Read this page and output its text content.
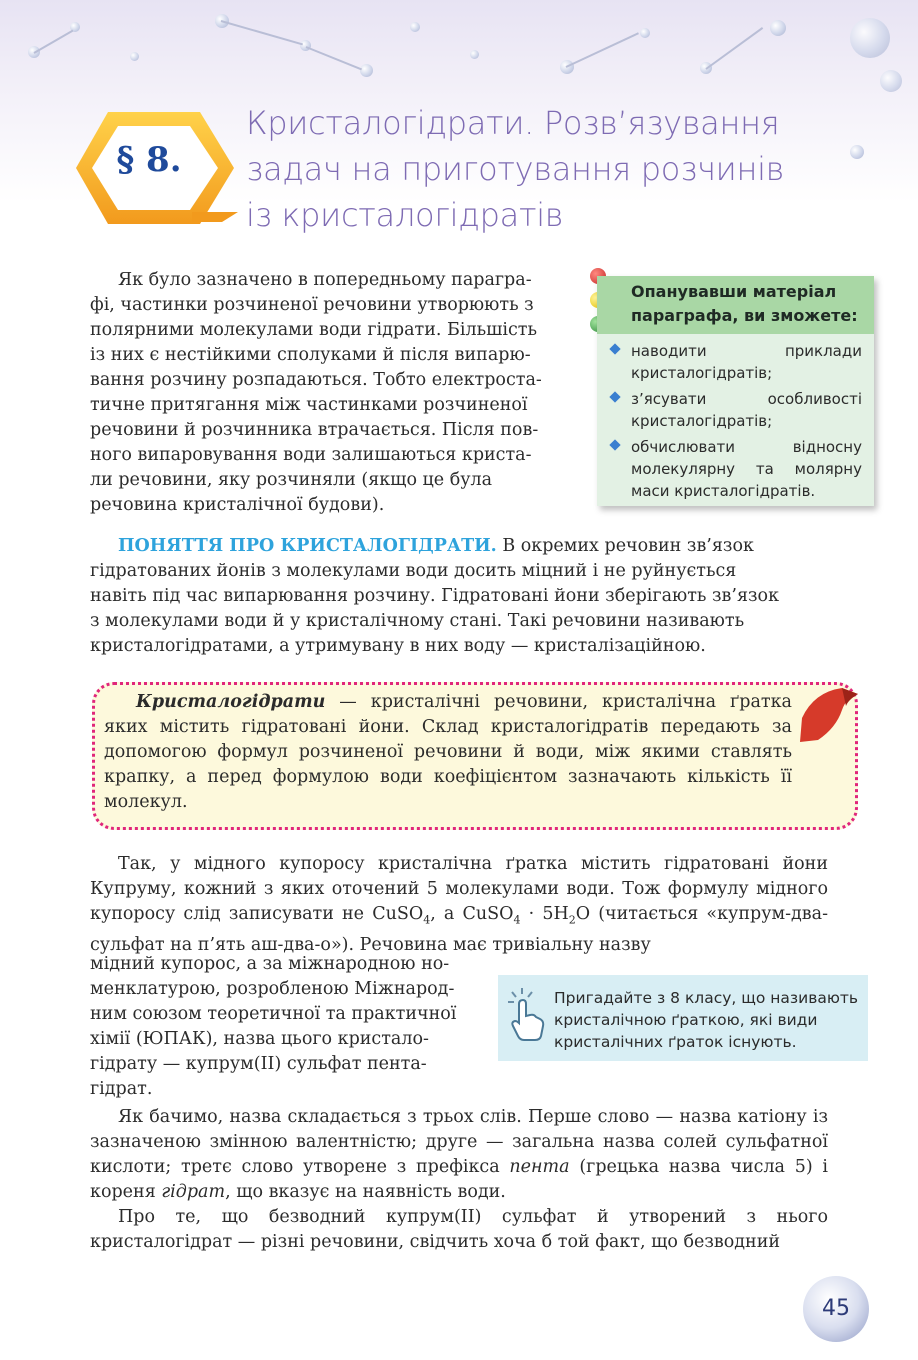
§ 8.
Кристалогідрати. Розв’язування
задач на приготування розчинів
із кристалогідратів
Як було зазначено в попередньому парагра-
фі, частинки розчиненої речовини утворюють з
полярними молекулами води гідрати. Більшість
із них є нестійкими сполуками й після випарю-
вання розчину розпадаються. Тобто електроста-
тичне притягання між частинками розчиненої
речовини й розчинника втрачається. Після пов-
ного випаровування води залишаються криста-
ли речовини, яку розчиняли (якщо це була
речовина кристалічної будови).
Опанувавши матеріал параграфа, ви зможете:
наводити приклади кристалогідратів;
з’ясувати особливості кристалогідратів;
обчислювати відносну молекулярну та молярну маси кристалогідратів.
ПОНЯТТЯ ПРО КРИСТАЛОГІДРАТИ. В окремих речовин зв’язок
гідратованих йонів з молекулами води досить міцний і не руйнується
навіть під час випарювання розчину. Гідратовані йони зберігають зв’язок
з молекулами води й у кристалічному стані. Такі речовини називають
кристалогідратами, а утримувану в них воду — кристалізаційною.
Кристалогідрати — кристалічні речовини, кристалічна ґратка яких містить гідратовані йони. Склад кристалогідратів передають за допомогою формул розчиненої речовини й води, між якими ставлять крапку, а перед формулою води коефіцієнтом зазначають кількість її молекул.
Так, у мідного купоросу кристалічна ґратка містить гідратовані йони Купруму, кожний з яких оточений 5 молекулами води. Тож формулу мідного купоросу слід записувати не CuSO$_4$, а CuSO$_4$ · $5H_2O$ (читається «купрум-два-сульфат на п’ять аш-два-о»). Речовина має тривіальну назву
мідний купорос, а за міжнародною но-
менклатурою, розробленою Міжнарод-
ним союзом теоретичної та практичної
хімії (ЮПАК), назва цього кристало-
гідрату — купрум(ІІ) сульфат пента-
гідрат.
Пригадайте з 8 класу, що називають кристалічною ґраткою, які види кристалічних ґраток існують.
Як бачимо, назва складається з трьох слів. Перше слово — назва катіону із зазначеною змінною валентністю; друге — загальна назва солей сульфатної кислоти; третє слово утворене з префікса пента (грецька назва числа 5) і кореня гідрат, що вказує на наявність води.
Про те, що безводний купрум(ІІ) сульфат й утворений з нього кристалогідрат — різні речовини, свідчить хоча б той факт, що безводний
45
